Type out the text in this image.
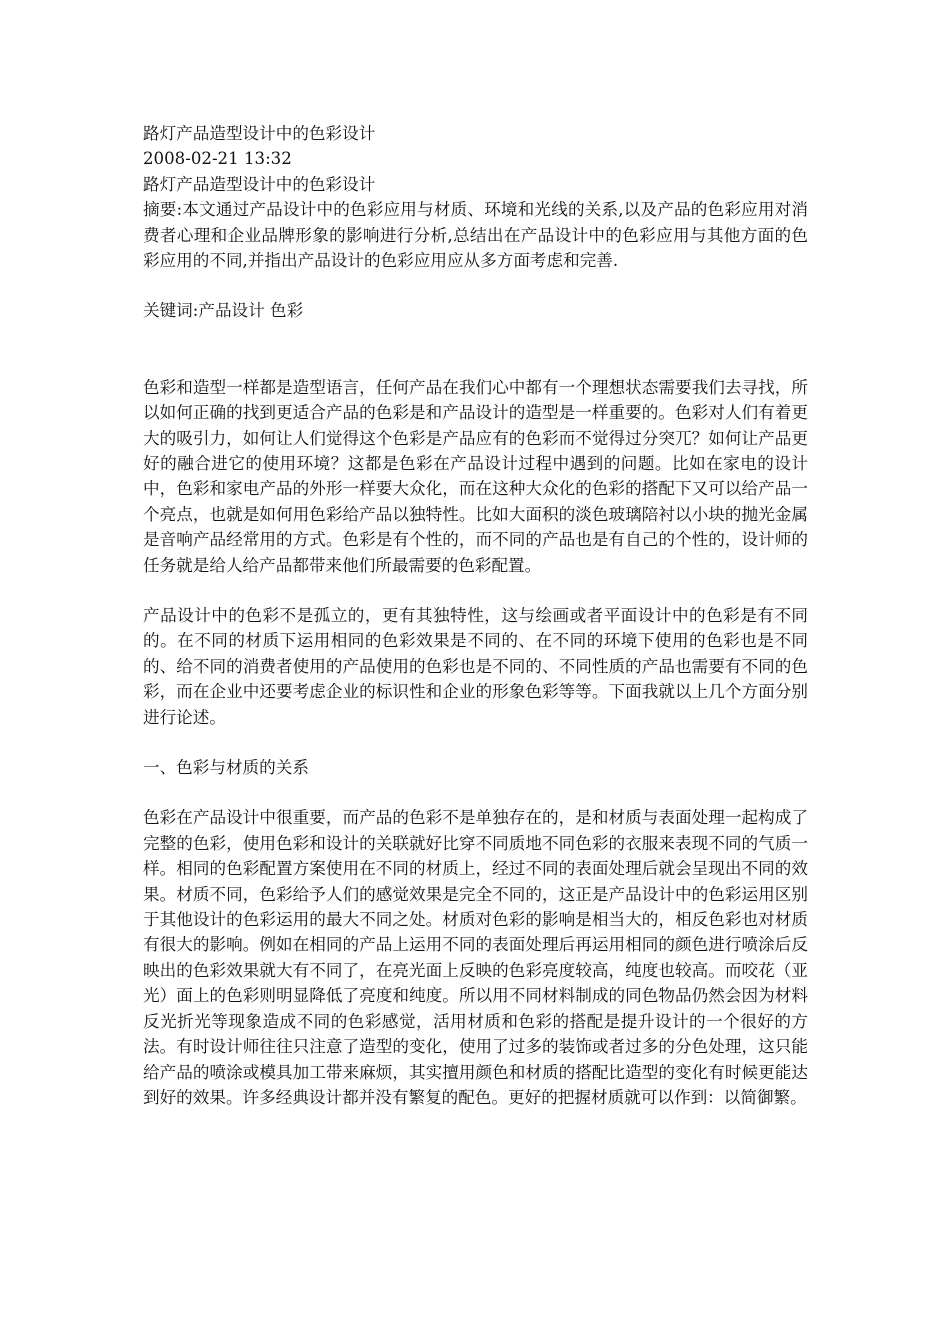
路灯产品造型设计中的色彩设计
2008-02-21 13:32
路灯产品造型设计中的色彩设计
摘要:本文通过产品设计中的色彩应用与材质、环境和光线的关系,以及产品的色彩应用对消费者心理和企业品牌形象的影响进行分析,总结出在产品设计中的色彩应用与其他方面的色彩应用的不同,并指出产品设计的色彩应用应从多方面考虑和完善.
关键词:产品设计 色彩
色彩和造型一样都是造型语言，任何产品在我们心中都有一个理想状态需要我们去寻找，所以如何正确的找到更适合产品的色彩是和产品设计的造型是一样重要的。色彩对人们有着更大的吸引力，如何让人们觉得这个色彩是产品应有的色彩而不觉得过分突兀？如何让产品更好的融合进它的使用环境？这都是色彩在产品设计过程中遇到的问题。比如在家电的设计中，色彩和家电产品的外形一样要大众化，而在这种大众化的色彩的搭配下又可以给产品一个亮点，也就是如何用色彩给产品以独特性。比如大面积的淡色玻璃陪衬以小块的抛光金属是音响产品经常用的方式。色彩是有个性的，而不同的产品也是有自己的个性的，设计师的任务就是给人给产品都带来他们所最需要的色彩配置。
产品设计中的色彩不是孤立的，更有其独特性，这与绘画或者平面设计中的色彩是有不同的。在不同的材质下运用相同的色彩效果是不同的、在不同的环境下使用的色彩也是不同的、给不同的消费者使用的产品使用的色彩也是不同的、不同性质的产品也需要有不同的色彩，而在企业中还要考虑企业的标识性和企业的形象色彩等等。下面我就以上几个方面分别进行论述。
一、色彩与材质的关系
色彩在产品设计中很重要，而产品的色彩不是单独存在的，是和材质与表面处理一起构成了完整的色彩，使用色彩和设计的关联就好比穿不同质地不同色彩的衣服来表现不同的气质一样。相同的色彩配置方案使用在不同的材质上，经过不同的表面处理后就会呈现出不同的效果。材质不同，色彩给予人们的感觉效果是完全不同的，这正是产品设计中的色彩运用区别于其他设计的色彩运用的最大不同之处。材质对色彩的影响是相当大的，相反色彩也对材质有很大的影响。例如在相同的产品上运用不同的表面处理后再运用相同的颜色进行喷涂后反映出的色彩效果就大有不同了，在亮光面上反映的色彩亮度较高，纯度也较高。而咬花（亚光）面上的色彩则明显降低了亮度和纯度。所以用不同材料制成的同色物品仍然会因为材料反光折光等现象造成不同的色彩感觉，活用材质和色彩的搭配是提升设计的一个很好的方法。有时设计师往往只注意了造型的变化，使用了过多的装饰或者过多的分色处理，这只能给产品的喷涂或模具加工带来麻烦，其实擅用颜色和材质的搭配比造型的变化有时候更能达到好的效果。许多经典设计都并没有繁复的配色。更好的把握材质就可以作到：以简御繁。
